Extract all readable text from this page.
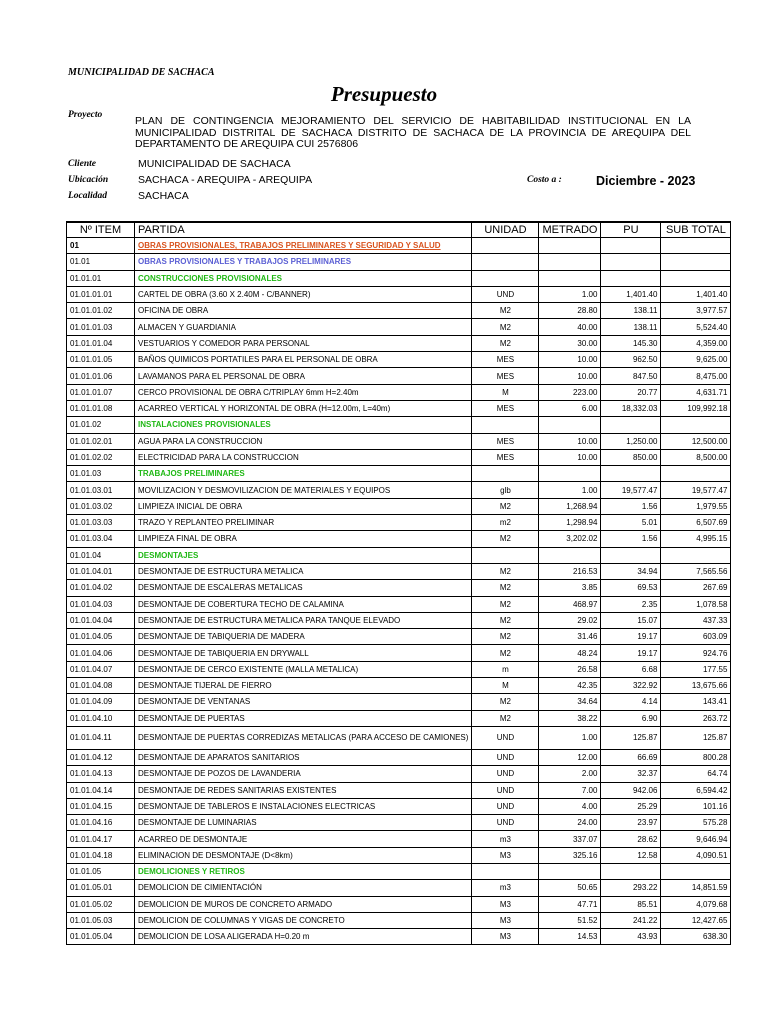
MUNICIPALIDAD DE SACHACA
Presupuesto
Proyecto	PLAN DE CONTINGENCIA MEJORAMIENTO DEL SERVICIO DE HABITABILIDAD INSTITUCIONAL EN LA MUNICIPALIDAD DISTRITAL DE SACHACA DISTRITO DE SACHACA DE LA PROVINCIA DE AREQUIPA DEL DEPARTAMENTO DE AREQUIPA CUI 2576806
Cliente	MUNICIPALIDAD DE SACHACA
Ubicación	SACHACA - AREQUIPA - AREQUIPA
Localidad	SACHACA
Costo a :	Diciembre - 2023
Nº ITEM	PARTIDA	UNIDAD	METRADO	PU	SUB TOTAL
01	OBRAS PROVISIONALES, TRABAJOS PRELIMINARES Y SEGURIDAD Y SALUD				
01.01	OBRAS PROVISIONALES Y TRABAJOS PRELIMINARES				
01.01.01	CONSTRUCCIONES PROVISIONALES				
01.01.01.01	CARTEL DE OBRA (3.60 X 2.40M - C/BANNER)	UND	1.00	1,401.40	1,401.40
01.01.01.02	OFICINA DE OBRA	M2	28.80	138.11	3,977.57
01.01.01.03	ALMACEN Y GUARDIANIA	M2	40.00	138.11	5,524.40
01.01.01.04	VESTUARIOS Y COMEDOR PARA PERSONAL	M2	30.00	145.30	4,359.00
01.01.01.05	BAÑOS QUIMICOS PORTATILES PARA EL PERSONAL DE OBRA	MES	10.00	962.50	9,625.00
01.01.01.06	LAVAMANOS PARA EL PERSONAL DE OBRA	MES	10.00	847.50	8,475.00
01.01.01.07	CERCO PROVISIONAL DE OBRA C/TRIPLAY 6mm H=2.40m	M	223.00	20.77	4,631.71
01.01.01.08	ACARREO VERTICAL Y HORIZONTAL DE OBRA (H=12.00m, L=40m)	MES	6.00	18,332.03	109,992.18
01.01.02	INSTALACIONES PROVISIONALES				
01.01.02.01	AGUA PARA LA CONSTRUCCION	MES	10.00	1,250.00	12,500.00
01.01.02.02	ELECTRICIDAD PARA LA CONSTRUCCION	MES	10.00	850.00	8,500.00
01.01.03	TRABAJOS PRELIMINARES				
01.01.03.01	MOVILIZACION Y DESMOVILIZACION DE MATERIALES Y EQUIPOS	glb	1.00	19,577.47	19,577.47
01.01.03.02	LIMPIEZA INICIAL DE OBRA	M2	1,268.94	1.56	1,979.55
01.01.03.03	TRAZO Y REPLANTEO PRELIMINAR	m2	1,298.94	5.01	6,507.69
01.01.03.04	LIMPIEZA FINAL DE OBRA	M2	3,202.02	1.56	4,995.15
01.01.04	DESMONTAJES				
01.01.04.01	DESMONTAJE DE ESTRUCTURA METALICA	M2	216.53	34.94	7,565.56
01.01.04.02	DESMONTAJE DE ESCALERAS METALICAS	M2	3.85	69.53	267.69
01.01.04.03	DESMONTAJE DE COBERTURA TECHO DE CALAMINA	M2	468.97	2.35	1,078.58
01.01.04.04	DESMONTAJE DE ESTRUCTURA METALICA PARA TANQUE ELEVADO	M2	29.02	15.07	437.33
01.01.04.05	DESMONTAJE DE TABIQUERIA DE MADERA	M2	31.46	19.17	603.09
01.01.04.06	DESMONTAJE DE TABIQUERIA EN DRYWALL	M2	48.24	19.17	924.76
01.01.04.07	DESMONTAJE DE CERCO EXISTENTE (MALLA METALICA)	m	26.58	6.68	177.55
01.01.04.08	DESMONTAJE TIJERAL DE FIERRO	M	42.35	322.92	13,675.66
01.01.04.09	DESMONTAJE DE VENTANAS	M2	34.64	4.14	143.41
01.01.04.10	DESMONTAJE DE PUERTAS	M2	38.22	6.90	263.72
01.01.04.11	DESMONTAJE DE PUERTAS CORREDIZAS METALICAS (PARA ACCESO DE CAMIONES)	UND	1.00	125.87	125.87
01.01.04.12	DESMONTAJE DE APARATOS SANITARIOS	UND	12.00	66.69	800.28
01.01.04.13	DESMONTAJE DE POZOS DE LAVANDERIA	UND	2.00	32.37	64.74
01.01.04.14	DESMONTAJE DE REDES SANITARIAS EXISTENTES	UND	7.00	942.06	6,594.42
01.01.04.15	DESMONTAJE DE TABLEROS E INSTALACIONES ELECTRICAS	UND	4.00	25.29	101.16
01.01.04.16	DESMONTAJE DE LUMINARIAS	UND	24.00	23.97	575.28
01.01.04.17	ACARREO DE DESMONTAJE	m3	337.07	28.62	9,646.94
01.01.04.18	ELIMINACION DE DESMONTAJE (D<8km)	M3	325.16	12.58	4,090.51
01.01.05	DEMOLICIONES Y RETIROS				
01.01.05.01	DEMOLICION DE CIMIENTACIÓN	m3	50.65	293.22	14,851.59
01.01.05.02	DEMOLICION DE MUROS DE CONCRETO ARMADO	M3	47.71	85.51	4,079.68
01.01.05.03	DEMOLICION DE COLUMNAS Y VIGAS DE CONCRETO	M3	51.52	241.22	12,427.65
01.01.05.04	DEMOLICION DE LOSA ALIGERADA H=0.20 m	M3	14.53	43.93	638.30
